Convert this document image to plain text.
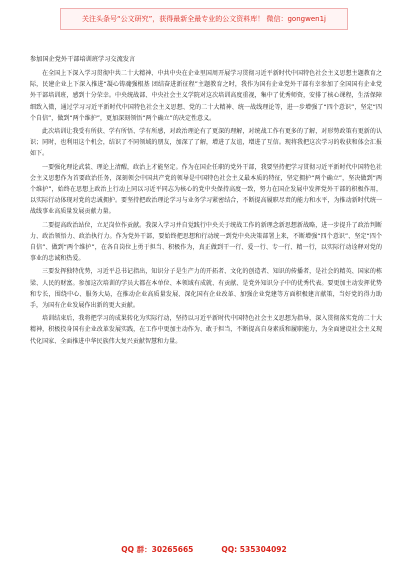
关注头条号“公文研究”，获得最新全最专业的公文资料库！ 微信：gongwen1j
参加国企党外干部培训班学习交流发言

在全国上下深入学习贯彻中共二十大精神、中共中央在企业里国周开展学习贯彻习近平新时代中国特色社会主义思想主题教育之际，民建企业上下深入推进“凝心铸魂强根基 团结奋进新征程”主题教育之时，我作为国有企业党外干部有幸参加了全国国有企业党外干部培训班，感到十分荣幸。中央统战部、中央社会主义学院对这次培训高度重视，集中了优秀师资，安排了核心课程，生活保障细致入微，通过学习习近平新时代中国特色社会主义思想、党的二十大精神、统一战线理论等，进一步增强了“四个意识”，坚定“四个自信”，做到“两个维护”，更加深刻领悟“两个确立”的决定性意义。

此次培训让我受有所获、学有所悟、学有所感，对政治理论有了更深的理解，对统战工作有更多的了解，对形势政策有更新的认识；同时，也利用这个机会，结识了不同领域的朋友，加深了了解，增进了友谊，增进了互信。现将我把这次学习的收获和体会汇报如下。

一要强化理论武装、理论上清醒，政治上才能坚定。作为在国企任职的党外干部，我要坚持把学习贯彻习近平新时代中国特色社会主义思想作为首要政治任务，深刻领会中国共产党的领导是中国特色社会主义最本质的特征，坚定拥护“两个确立”，坚决做到“两个维护”，始终在思想上政治上行动上同以习近平同志为核心的党中央保持高度一致，努力在国企发展中发挥党外干部的积极作用，以实际行动体现对党的忠诚拥护。要坚持把政治理论学习与业务学习紧密结合，不断提高履职尽责的能力和水平，为推动新时代统一战线事业高质量发展贡献力量。

二要提高政治站位，立足岗位作贡献。我深入学习并自觉践行中央关于统战工作的新理念新思想新战略，进一步提升了政治判断力、政治领悟力、政治执行力。作为党外干部，要始终把思想和行动统一到党中央决策部署上来，不断增强“四个意识”、坚定“四个自信”、做到“两个维护”，在各自岗位上勇于担当、积极作为，真正做到干一行、爱一行、专一行、精一行，以实际行动诠释对党的事业的忠诚和热爱。

三要发挥独特优势，习近平总书记指出，知识分子是生产力的开拓者、文化的创造者、知识的传播者，是社会的精英、国家的栋梁、人民的财富。参加这次培训的学员大都在本单位、本领域有成就、有贡献、是党外知识分子中的优秀代表。要更加主动发挥优势和专长，围绕中心、服务大局，在推动企业高质量发展、深化国有企业改革、加强企业党建等方面积极建言献策，当好党的得力助手，为国有企业发展作出新的更大贡献。

培训结束后，我将把学习的成果转化为实际行动，坚持以习近平新时代中国特色社会主义思想为指导，深入贯彻落实党的二十大精神，积极投身国有企业改革发展实践，在工作中更加主动作为、敢于担当，不断提高自身素质和履职能力，为全面建设社会主义现代化国家、全面推进中华民族伟大复兴贡献智慧和力量。

QQ 群：30265665	QQ: 535304092
